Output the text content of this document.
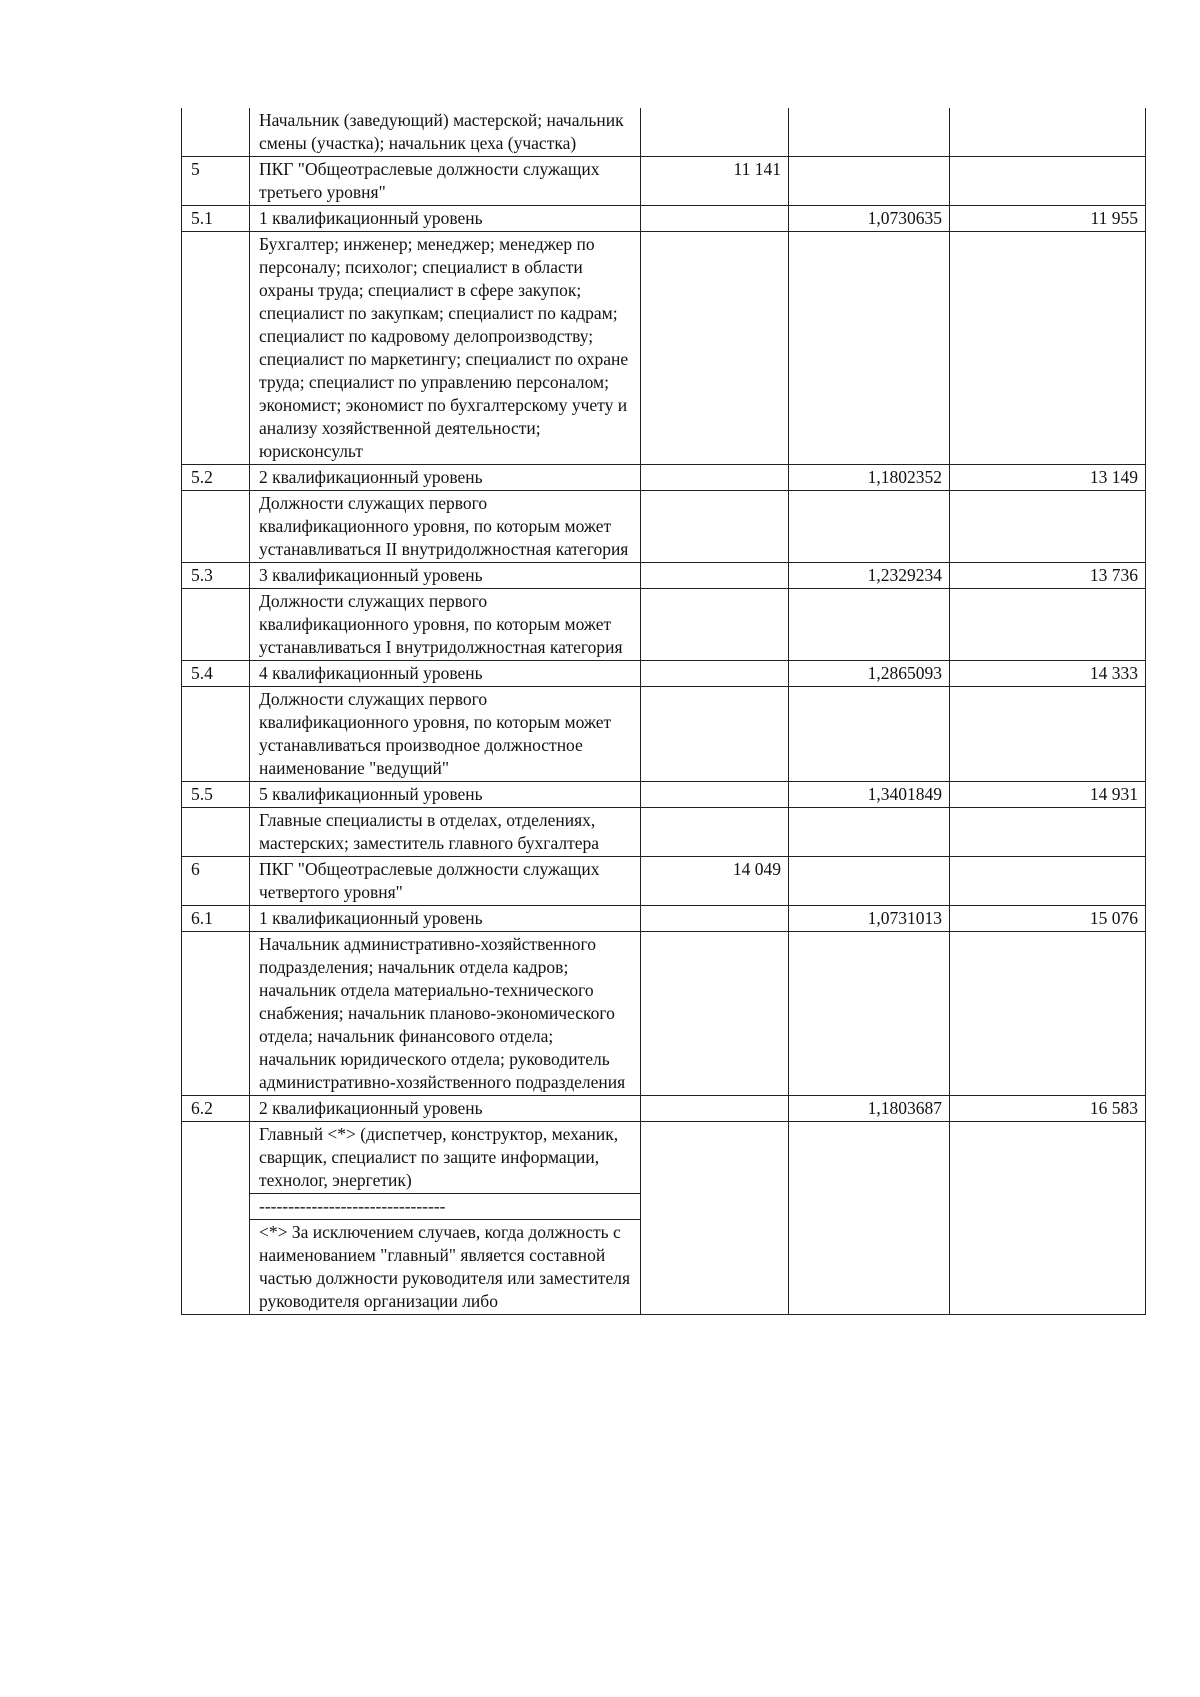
	Начальник (заведующий) мастерской; начальник смены (участка); начальник цеха (участка)			
5	ПКГ "Общеотраслевые должности служащих третьего уровня"	11 141		
5.1	1 квалификационный уровень		1,0730635	11 955
	Бухгалтер; инженер; менеджер; менеджер по персоналу; психолог; специалист в области охраны труда; специалист в сфере закупок; специалист по закупкам; специалист по кадрам; специалист по кадровому делопроизводству; специалист по маркетингу; специалист по охране труда; специалист по управлению персоналом; экономист; экономист по бухгалтерскому учету и анализу хозяйственной деятельности; юрисконсульт			
5.2	2 квалификационный уровень		1,1802352	13 149
	Должности служащих первого квалификационного уровня, по которым может устанавливаться II внутридолжностная категория			
5.3	3 квалификационный уровень		1,2329234	13 736
	Должности служащих первого квалификационного уровня, по которым может устанавливаться I внутридолжностная категория			
5.4	4 квалификационный уровень		1,2865093	14 333
	Должности служащих первого квалификационного уровня, по которым может устанавливаться производное должностное наименование "ведущий"			
5.5	5 квалификационный уровень		1,3401849	14 931
	Главные специалисты в отделах, отделениях, мастерских; заместитель главного бухгалтера			
6	ПКГ "Общеотраслевые должности служащих четвертого уровня"	14 049		
6.1	1 квалификационный уровень		1,0731013	15 076
	Начальник административно-хозяйственного подразделения; начальник отдела кадров; начальник отдела материально-технического снабжения; начальник планово-экономического отдела; начальник финансового отдела; начальник юридического отдела; руководитель административно-хозяйственного подразделения			
6.2	2 квалификационный уровень		1,1803687	16 583
	Главный <*> (диспетчер, конструктор, механик, сварщик, специалист по защите информации, технолог, энергетик)			
	--------------------------------			
	<*> За исключением случаев, когда должность с наименованием "главный" является составной частью должности руководителя или заместителя руководителя организации либо			
